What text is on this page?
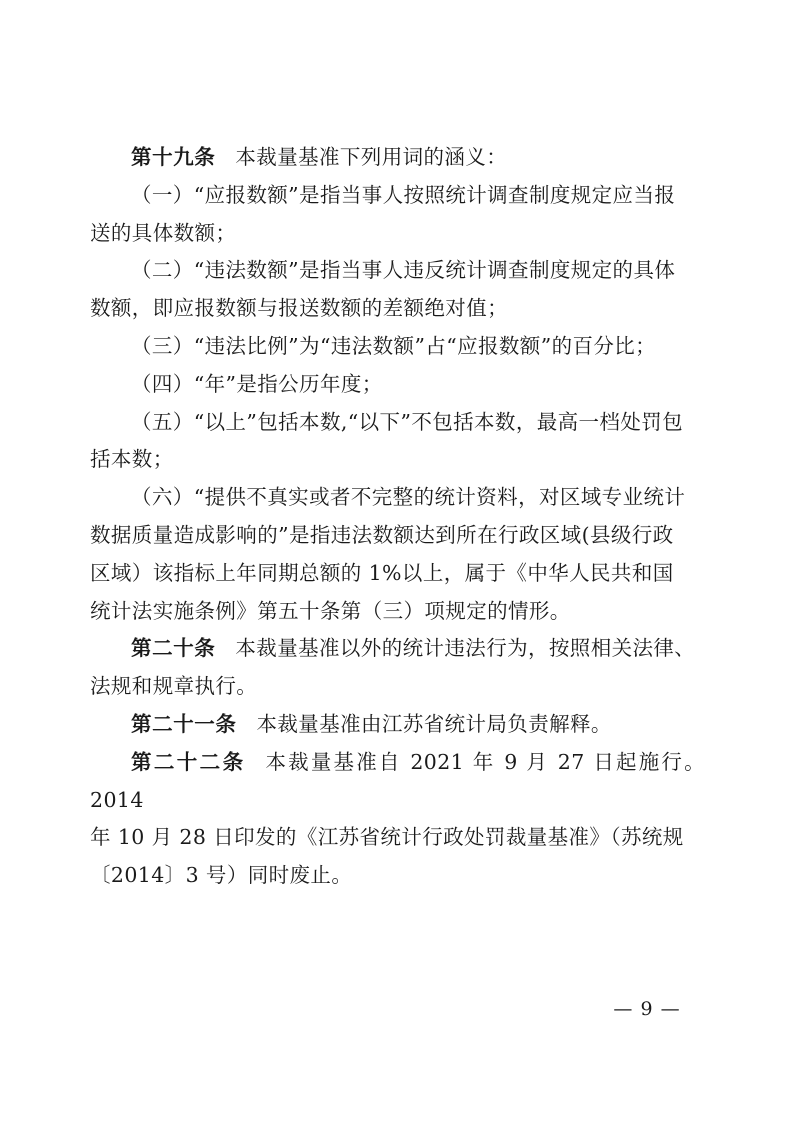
第十九条 本裁量基准下列用词的涵义：

（一）“应报数额”是指当事人按照统计调查制度规定应当报
送的具体数额；

（二）“违法数额”是指当事人违反统计调查制度规定的具体
数额，即应报数额与报送数额的差额绝对值；

（三）“违法比例”为“违法数额”占“应报数额”的百分比；

（四）“年”是指公历年度；

（五）“以上”包括本数,“以下”不包括本数，最高一档处罚包
括本数；

（六）“提供不真实或者不完整的统计资料，对区域专业统计
数据质量造成影响的”是指违法数额达到所在行政区域(县级行政
区域）该指标上年同期总额的 1%以上，属于《中华人民共和国
统计法实施条例》第五十条第（三）项规定的情形。

第二十条 本裁量基准以外的统计违法行为，按照相关法律、
法规和规章执行。

第二十一条 本裁量基准由江苏省统计局负责解释。

第二十二条 本裁量基准自 2021 年 9 月 27 日起施行。2014
年 10 月 28 日印发的《江苏省统计行政处罚裁量基准》（苏统规
〔2014〕3 号）同时废止。

— 9 —
